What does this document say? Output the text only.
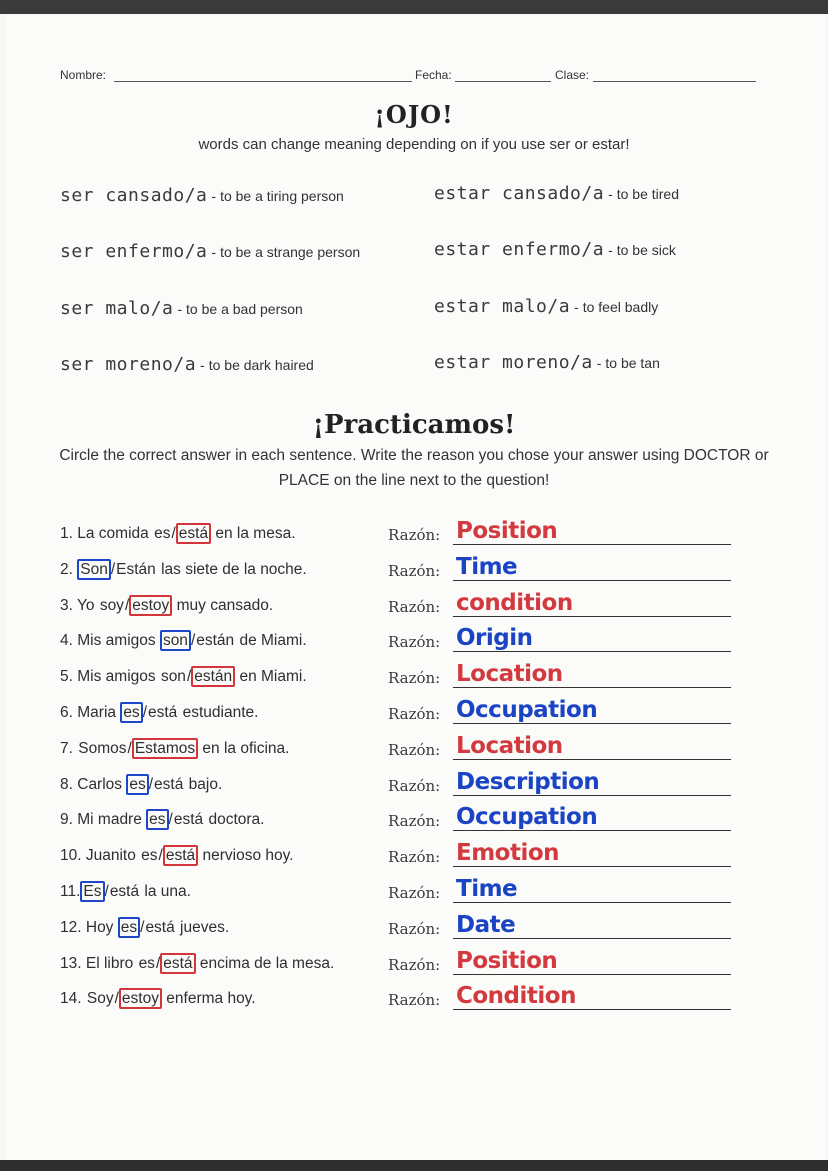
Nombre:	Fecha:	Clase:
¡OJO!
words can change meaning depending on if you use ser or estar!
ser cansado/a - to be a tiring person	estar cansado/a - to be tired
ser enfermo/a - to be a strange person	estar enfermo/a - to be sick
ser malo/a - to be a bad person	estar malo/a - to feel badly
ser moreno/a - to be dark haired	estar moreno/a - to be tan
¡Practicamos!
Circle the correct answer in each sentence. Write the reason you chose your answer using DOCTOR or PLACE on the line next to the question!
1. La comida es/ está en la mesa.	Razón: Position
2. Son /Están las siete de la noche.	Razón: Time
3. Yo soy/ estoy muy cansado.	Razón: condition
4. Mis amigos son /están de Miami.	Razón: Origin
5. Mis amigos son/ están en Miami.	Razón: Location
6. Maria es /está estudiante.	Razón: Occupation
7. Somos/ Estamos en la oficina.	Razón: Location
8. Carlos es /está bajo.	Razón: Description
9. Mi madre es /está doctora.	Razón: Occupation
10. Juanito es/ está nervioso hoy.	Razón: Emotion
11. Es /está la una.	Razón: Time
12. Hoy es /está jueves.	Razón: Date
13. El libro es/ está encima de la mesa.	Razón: Position
14. Soy/ estoy enferma hoy.	Razón: Condition
